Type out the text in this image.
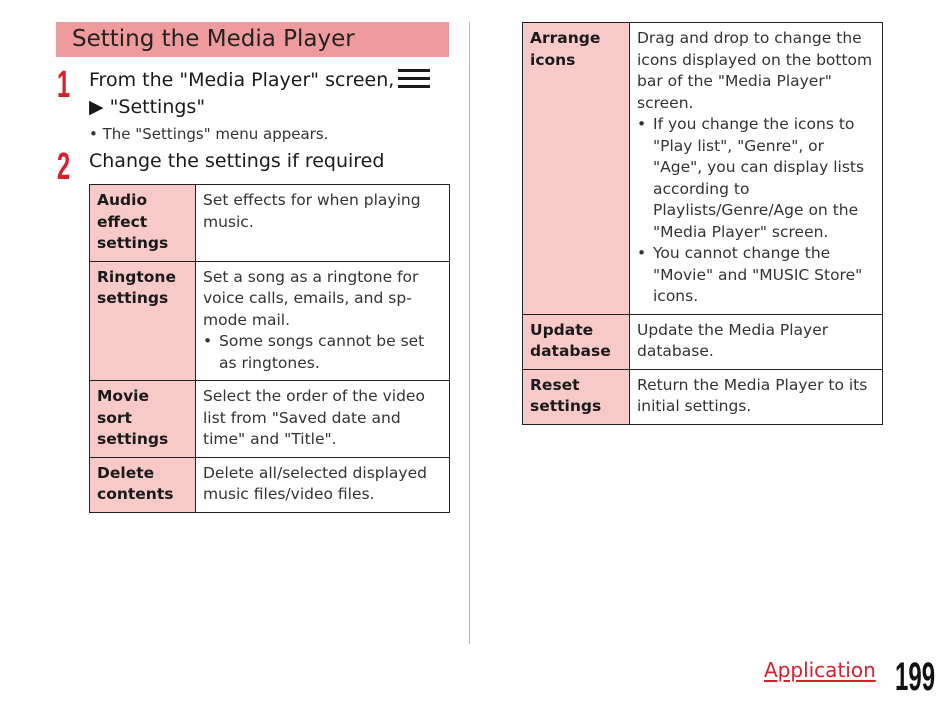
Setting the Media Player
1 From the "Media Player" screen,
▶ "Settings"
• The "Settings" menu appears.
2 Change the settings if required
Audio effect settings	Set effects for when playing music.

Ringtone settings	Set a song as a ringtone for voice calls, emails, and sp-mode mail.
• Some songs cannot be set as ringtones.

Movie sort settings	Select the order of the video list from "Saved date and time" and "Title".

Delete contents	Delete all/selected displayed music files/video files.
Arrange icons	Drag and drop to change the icons displayed on the bottom bar of the "Media Player" screen.
• If you change the icons to "Play list", "Genre", or "Age", you can display lists according to Playlists/Genre/Age on the "Media Player" screen.
• You cannot change the "Movie" and "MUSIC Store" icons.

Update database	Update the Media Player database.

Reset settings	Return the Media Player to its initial settings.
Application 199
